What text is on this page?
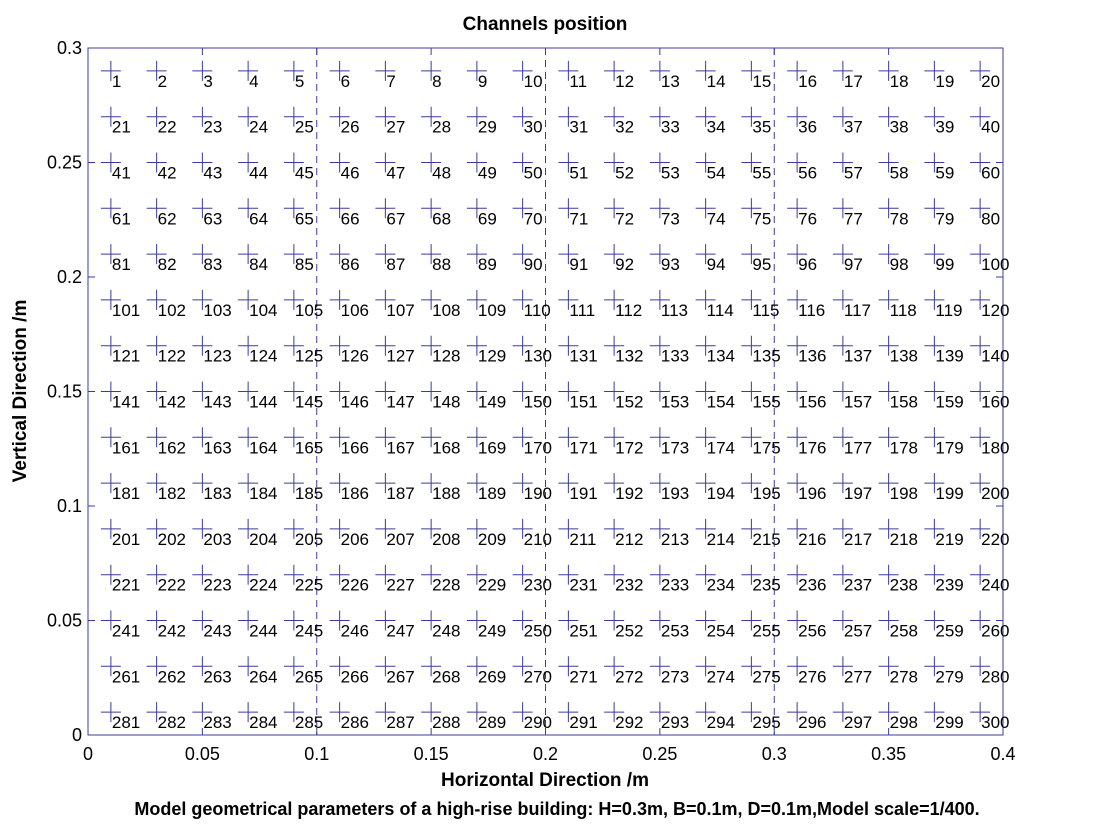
Channels position
0	0.05	0.1	0.15	0.2	0.25	0.3	0.35	0.4
0
0.05
0.1
0.15
0.2
0.25
0.3
1 2 3 4 5 6 7 8 9 10 11 12 13 14 15 16 17 18 19 20
21 22 23 24 25 26 27 28 29 30 31 32 33 34 35 36 37 38 39 40
41 42 43 44 45 46 47 48 49 50 51 52 53 54 55 56 57 58 59 60
61 62 63 64 65 66 67 68 69 70 71 72 73 74 75 76 77 78 79 80
81 82 83 84 85 86 87 88 89 90 91 92 93 94 95 96 97 98 99 100
101 102 103 104 105 106 107 108 109 110 111 112 113 114 115 116 117 118 119 120
121 122 123 124 125 126 127 128 129 130 131 132 133 134 135 136 137 138 139 140
141 142 143 144 145 146 147 148 149 150 151 152 153 154 155 156 157 158 159 160
161 162 163 164 165 166 167 168 169 170 171 172 173 174 175 176 177 178 179 180
181 182 183 184 185 186 187 188 189 190 191 192 193 194 195 196 197 198 199 200
201 202 203 204 205 206 207 208 209 210 211 212 213 214 215 216 217 218 219 220
221 222 223 224 225 226 227 228 229 230 231 232 233 234 235 236 237 238 239 240
241 242 243 244 245 246 247 248 249 250 251 252 253 254 255 256 257 258 259 260
261 262 263 264 265 266 267 268 269 270 271 272 273 274 275 276 277 278 279 280
281 282 283 284 285 286 287 288 289 290 291 292 293 294 295 296 297 298 299 300
Horizontal Direction /m
Vertical Direction /m
Model geometrical parameters of a high-rise building: H=0.3m, B=0.1m, D=0.1m,Model scale=1/400.
